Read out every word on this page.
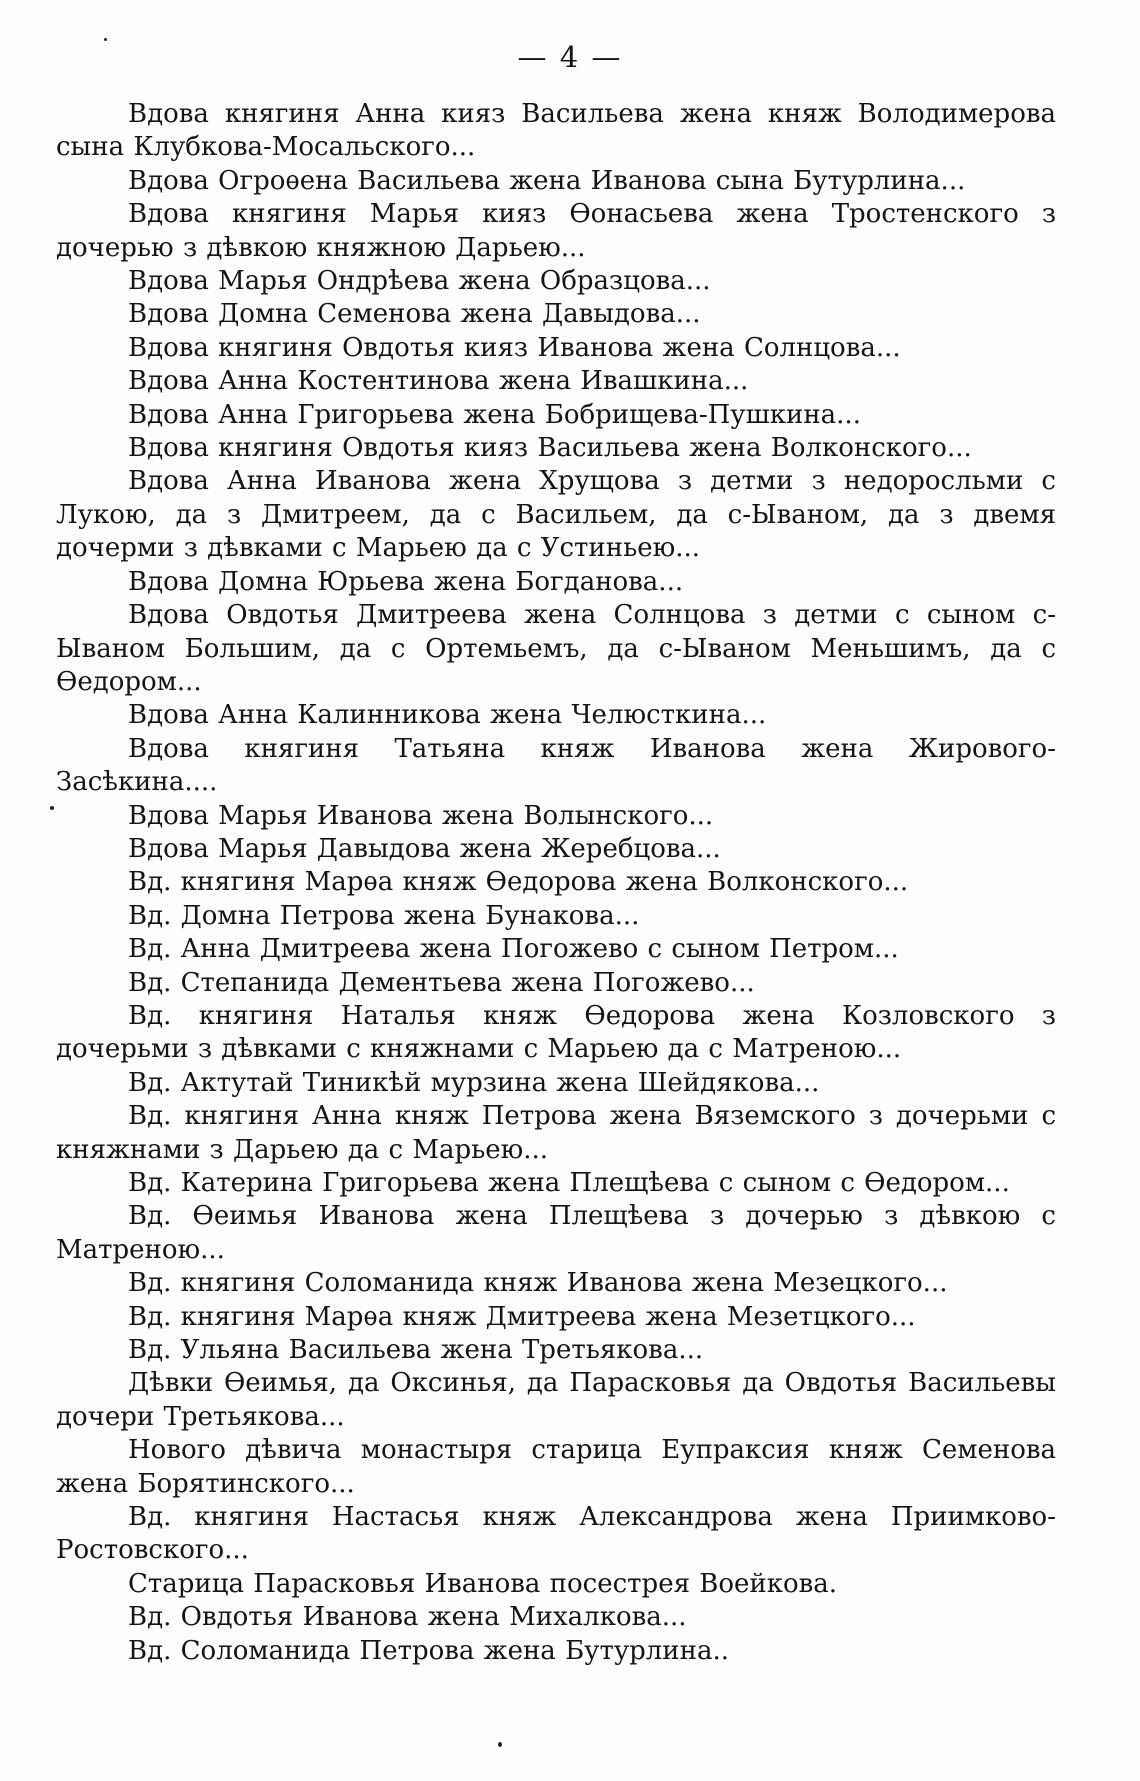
— 4 —

Вдова княгиня Анна кияз Васильева жена княж Володимерова сына Клубкова-Мосальского...

Вдова Огроѳена Васильева жена Иванова сына Бутурлина...

Вдова княгиня Марья кияз Ѳонасьева жена Тростенского з дочерью з дѣвкою княжною Дарьею...

Вдова Марья Ондрѣева жена Образцова...

Вдова Домна Семенова жена Давыдова...

Вдова княгиня Овдотья кияз Иванова жена Солнцова...

Вдова Анна Костентинова жена Ивашкина...

Вдова Анна Григорьева жена Бобрищева-Пушкина...

Вдова княгиня Овдотья кияз Васильева жена Волконского...

Вдова Анна Иванова жена Хрущова з детми з недоросльми с Лукою, да з Дмитреем, да с Васильем, да с-Ываном, да з двемя дочерми з дѣвками с Марьею да с Устиньею...

Вдова Домна Юрьева жена Богданова...

Вдова Овдотья Дмитреева жена Солнцова з детми с сыном с-Ываном Большим, да с Ортемьемъ, да с-Ываном Меньшимъ, да с Ѳедором...

Вдова Анна Калинникова жена Челюсткина...

Вдова княгиня Татьяна княж Иванова жена Жирового-Засѣкина....

Вдова Марья Иванова жена Волынского...

Вдова Марья Давыдова жена Жеребцова...

Вд. княгиня Марѳа княж Ѳедорова жена Волконского...

Вд. Домна Петрова жена Бунакова...

Вд. Анна Дмитреева жена Погожево с сыном Петром...

Вд. Степанида Дементьева жена Погожево...

Вд. княгиня Наталья княж Ѳедорова жена Козловского з дочерьми з дѣвками с княжнами с Марьею да с Матреною...

Вд. Актутай Тиникѣй мурзина жена Шейдякова...

Вд. княгиня Анна княж Петрова жена Вяземского з дочерьми с княжнами з Дарьею да с Марьею...

Вд. Катерина Григорьева жена Плещѣева с сыном с Ѳедором...

Вд. Ѳеимья Иванова жена Плещѣева з дочерью з дѣвкою с Матреною...

Вд. княгиня Соломанида княж Иванова жена Мезецкого...

Вд. княгиня Марѳа княж Дмитреева жена Мезетцкого...

Вд. Ульяна Васильева жена Третьякова...

Дѣвки Ѳеимья, да Оксинья, да Парасковья да Овдотья Васильевы дочери Третьякова...

Нового дѣвича монастыря старица Еупраксия княж Семенова жена Борятинского...

Вд. княгиня Настасья княж Александрова жена Приимково-Ростовского...

Старица Парасковья Иванова посестрея Воейкова.

Вд. Овдотья Иванова жена Михалкова...

Вд. Соломанида Петрова жена Бутурлина..
